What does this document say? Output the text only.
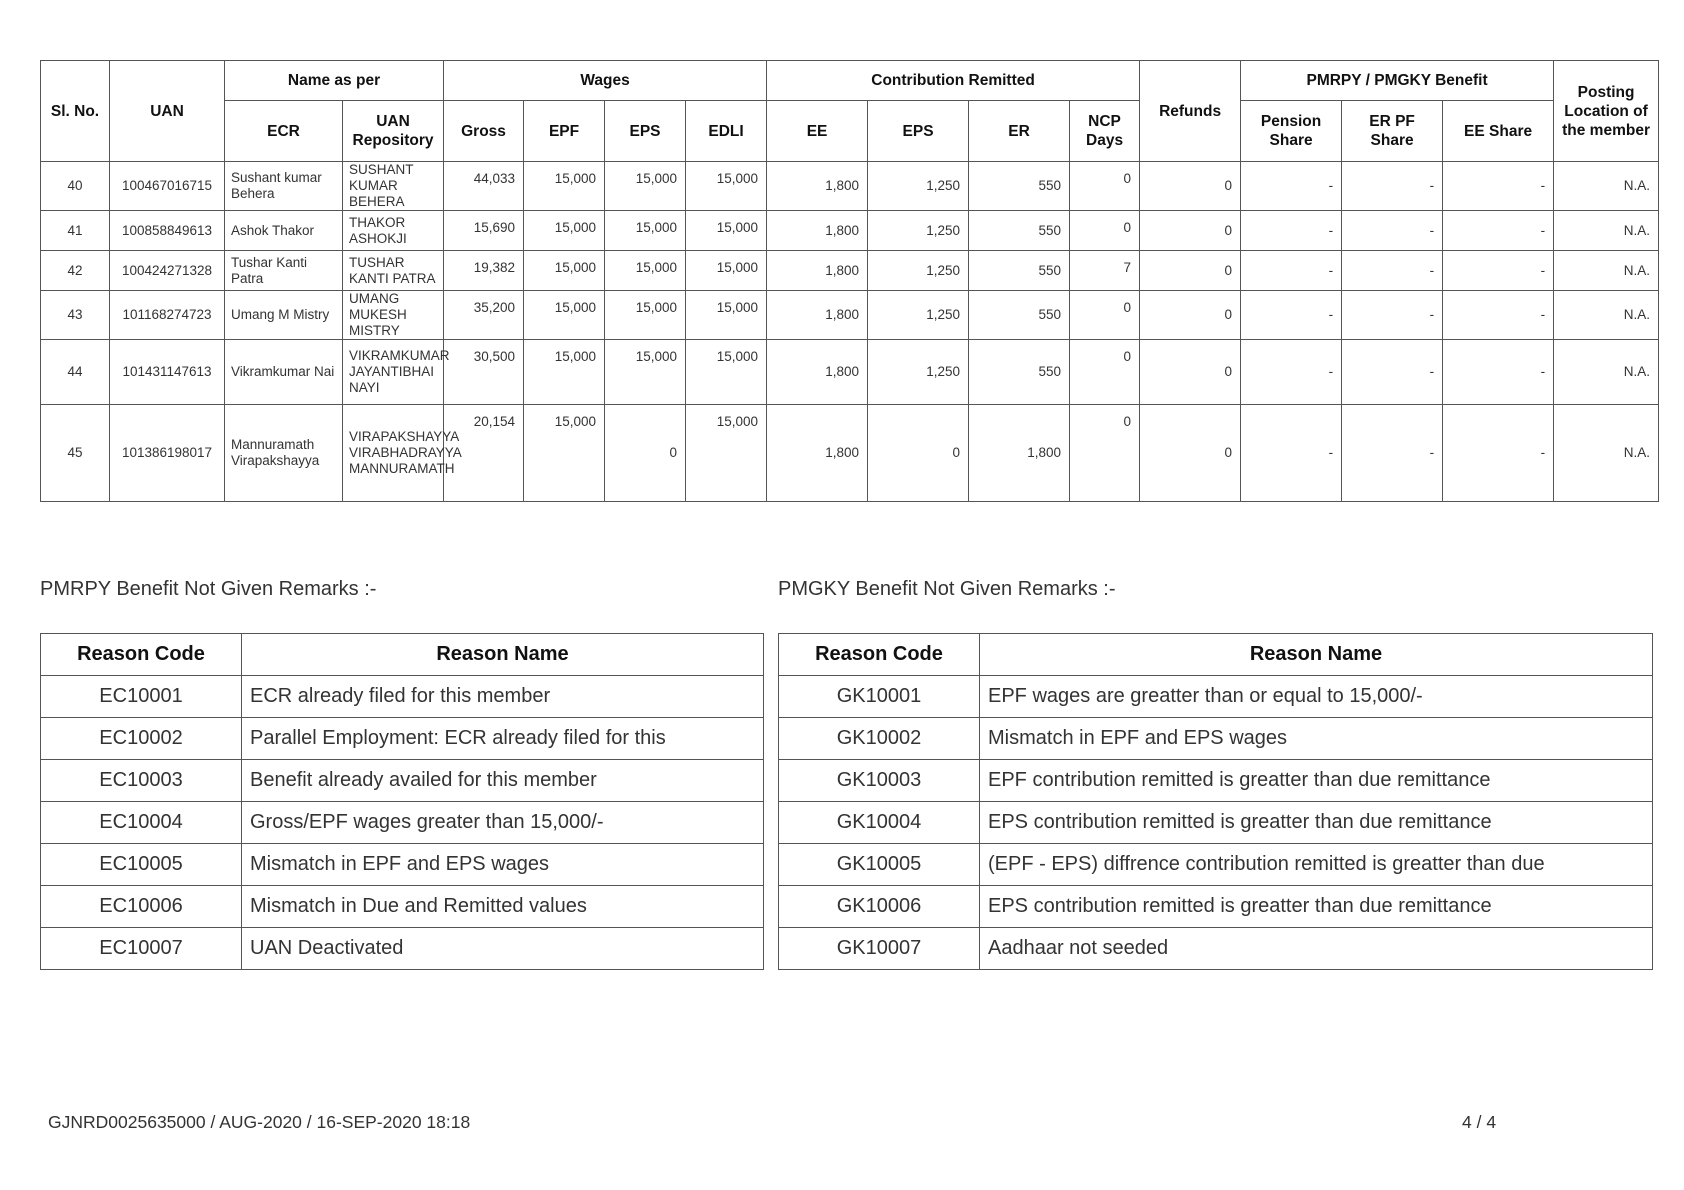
Sl. No.	UAN	Name as per		Wages				Contribution Remitted				Refunds	PMRPY / PMGKY Benefit			Posting Location of the member
		ECR	UAN Repository	Gross	EPF	EPS	EDLI	EE	EPS	ER	NCP Days		Pension Share	ER PF Share	EE Share	
40	100467016715	Sushant kumar Behera	SUSHANT KUMAR BEHERA	44,033	15,000	15,000	15,000	1,800	1,250	550	0	0	-	-	-	N.A.
41	100858849613	Ashok Thakor	THAKOR ASHOKJI	15,690	15,000	15,000	15,000	1,800	1,250	550	0	0	-	-	-	N.A.
42	100424271328	Tushar Kanti Patra	TUSHAR KANTI PATRA	19,382	15,000	15,000	15,000	1,800	1,250	550	7	0	-	-	-	N.A.
43	101168274723	Umang M Mistry	UMANG MUKESH MISTRY	35,200	15,000	15,000	15,000	1,800	1,250	550	0	0	-	-	-	N.A.
44	101431147613	Vikramkumar Nai	VIKRAMKUMAR JAYANTIBHAI NAYI	30,500	15,000	15,000	15,000	1,800	1,250	550	0	0	-	-	-	N.A.
45	101386198017	Mannuramath Virapakshayya	VIRAPAKSHAYYA VIRABHADRAYYA MANNURAMATH	20,154	15,000	0	15,000	1,800	0	1,800	0	0	-	-	-	N.A.
PMRPY Benefit Not Given Remarks :-	PMGKY Benefit Not Given Remarks :-
Reason Code	Reason Name
EC10001	ECR already filed for this member
EC10002	Parallel Employment: ECR already filed for this
EC10003	Benefit already availed for this member
EC10004	Gross/EPF wages greater than 15,000/-
EC10005	Mismatch in EPF and EPS wages
EC10006	Mismatch in Due and Remitted values
EC10007	UAN Deactivated
Reason Code	Reason Name
GK10001	EPF wages are greatter than or equal to 15,000/-
GK10002	Mismatch in EPF and EPS wages
GK10003	EPF contribution remitted is greatter than due remittance
GK10004	EPS contribution remitted is greatter than due remittance
GK10005	(EPF - EPS) diffrence contribution remitted is greatter than due
GK10006	EPS contribution remitted is greatter than due remittance
GK10007	Aadhaar not seeded
GJNRD0025635000 / AUG-2020 / 16-SEP-2020 18:18	4 / 4
